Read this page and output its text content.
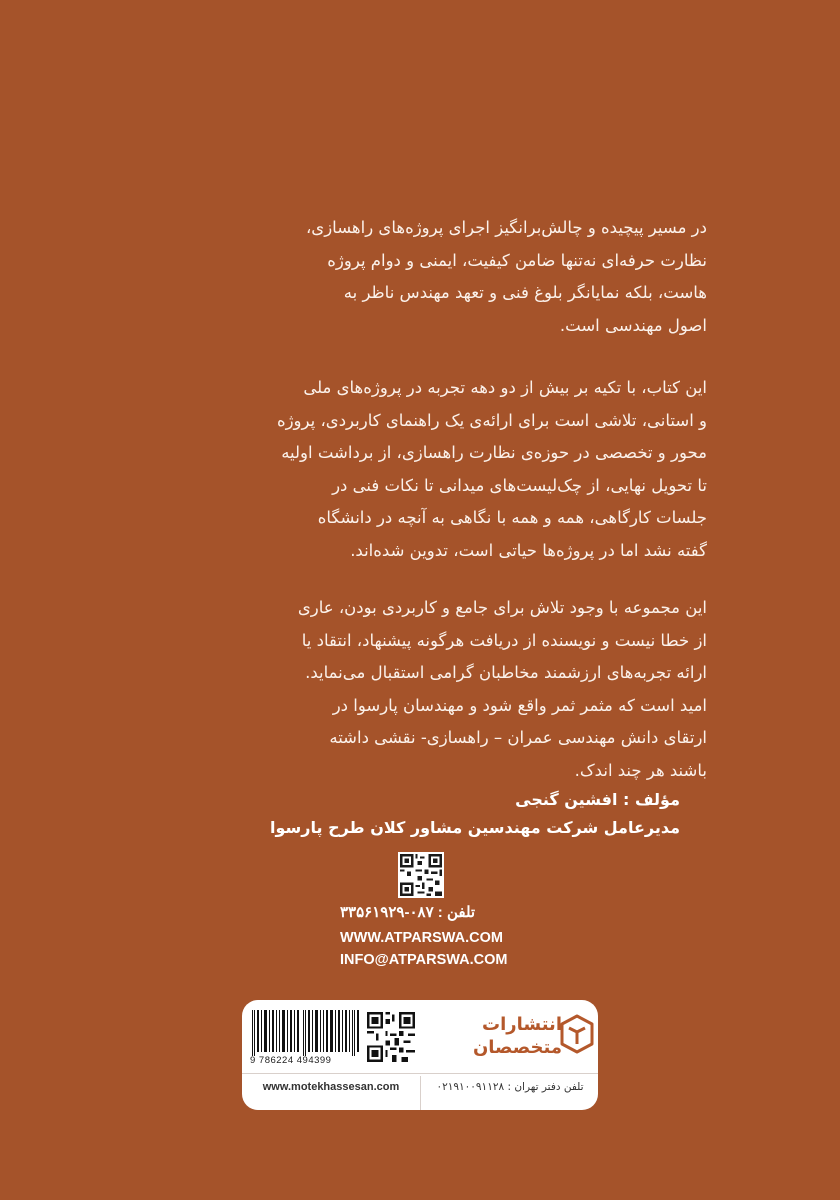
در مسیر پیچیده و چالش‌برانگیز اجرای پروژه‌های راهسازی،
نظارت حرفه‌ای نه‌تنها ضامن کیفیت، ایمنی و دوام پروژه
هاست، بلکه نمایانگر بلوغ فنی و تعهد مهندس ناظر به
اصول مهندسی است.
این کتاب، با تکیه بر بیش از دو دهه تجربه در پروژه‌های ملی
و استانی، تلاشی است برای ارائه‌ی یک راهنمای کاربردی، پروژه
محور و تخصصی در حوزه‌ی نظارت راهسازی، از برداشت اولیه
تا تحویل نهایی، از چک‌لیست‌های میدانی تا نکات فنی در
جلسات کارگاهی، همه و همه با نگاهی به آنچه در دانشگاه
گفته نشد اما در پروژه‌ها حیاتی است، تدوین شده‌اند.
این مجموعه با وجود تلاش برای جامع و کاربردی بودن، عاری
از خطا نیست و نویسنده از دریافت هرگونه پیشنهاد، انتقاد یا
ارائه تجربه‌های ارزشمند مخاطبان گرامی استقبال می‌نماید.
امید است که مثمر ثمر واقع شود و مهندسان پارسوا در
ارتقای دانش مهندسی عمران – راهسازی- نقشی داشته
باشند هر چند اندک.
مؤلف : افشین گنجی
مدیرعامل شرکت مهندسین مشاور کلان طرح پارسوا
تلفن : ۰۸۷-۳۳۵۶۱۹۲۹
WWW.ATPARSWA.COM
INFO@ATPARSWA.COM
9 786224 494399
انتشارات
متخصصان
www.motekhassesan.com	تلفن دفتر تهران : ۰۲۱۹۱۰۰۹۱۱۲۸
